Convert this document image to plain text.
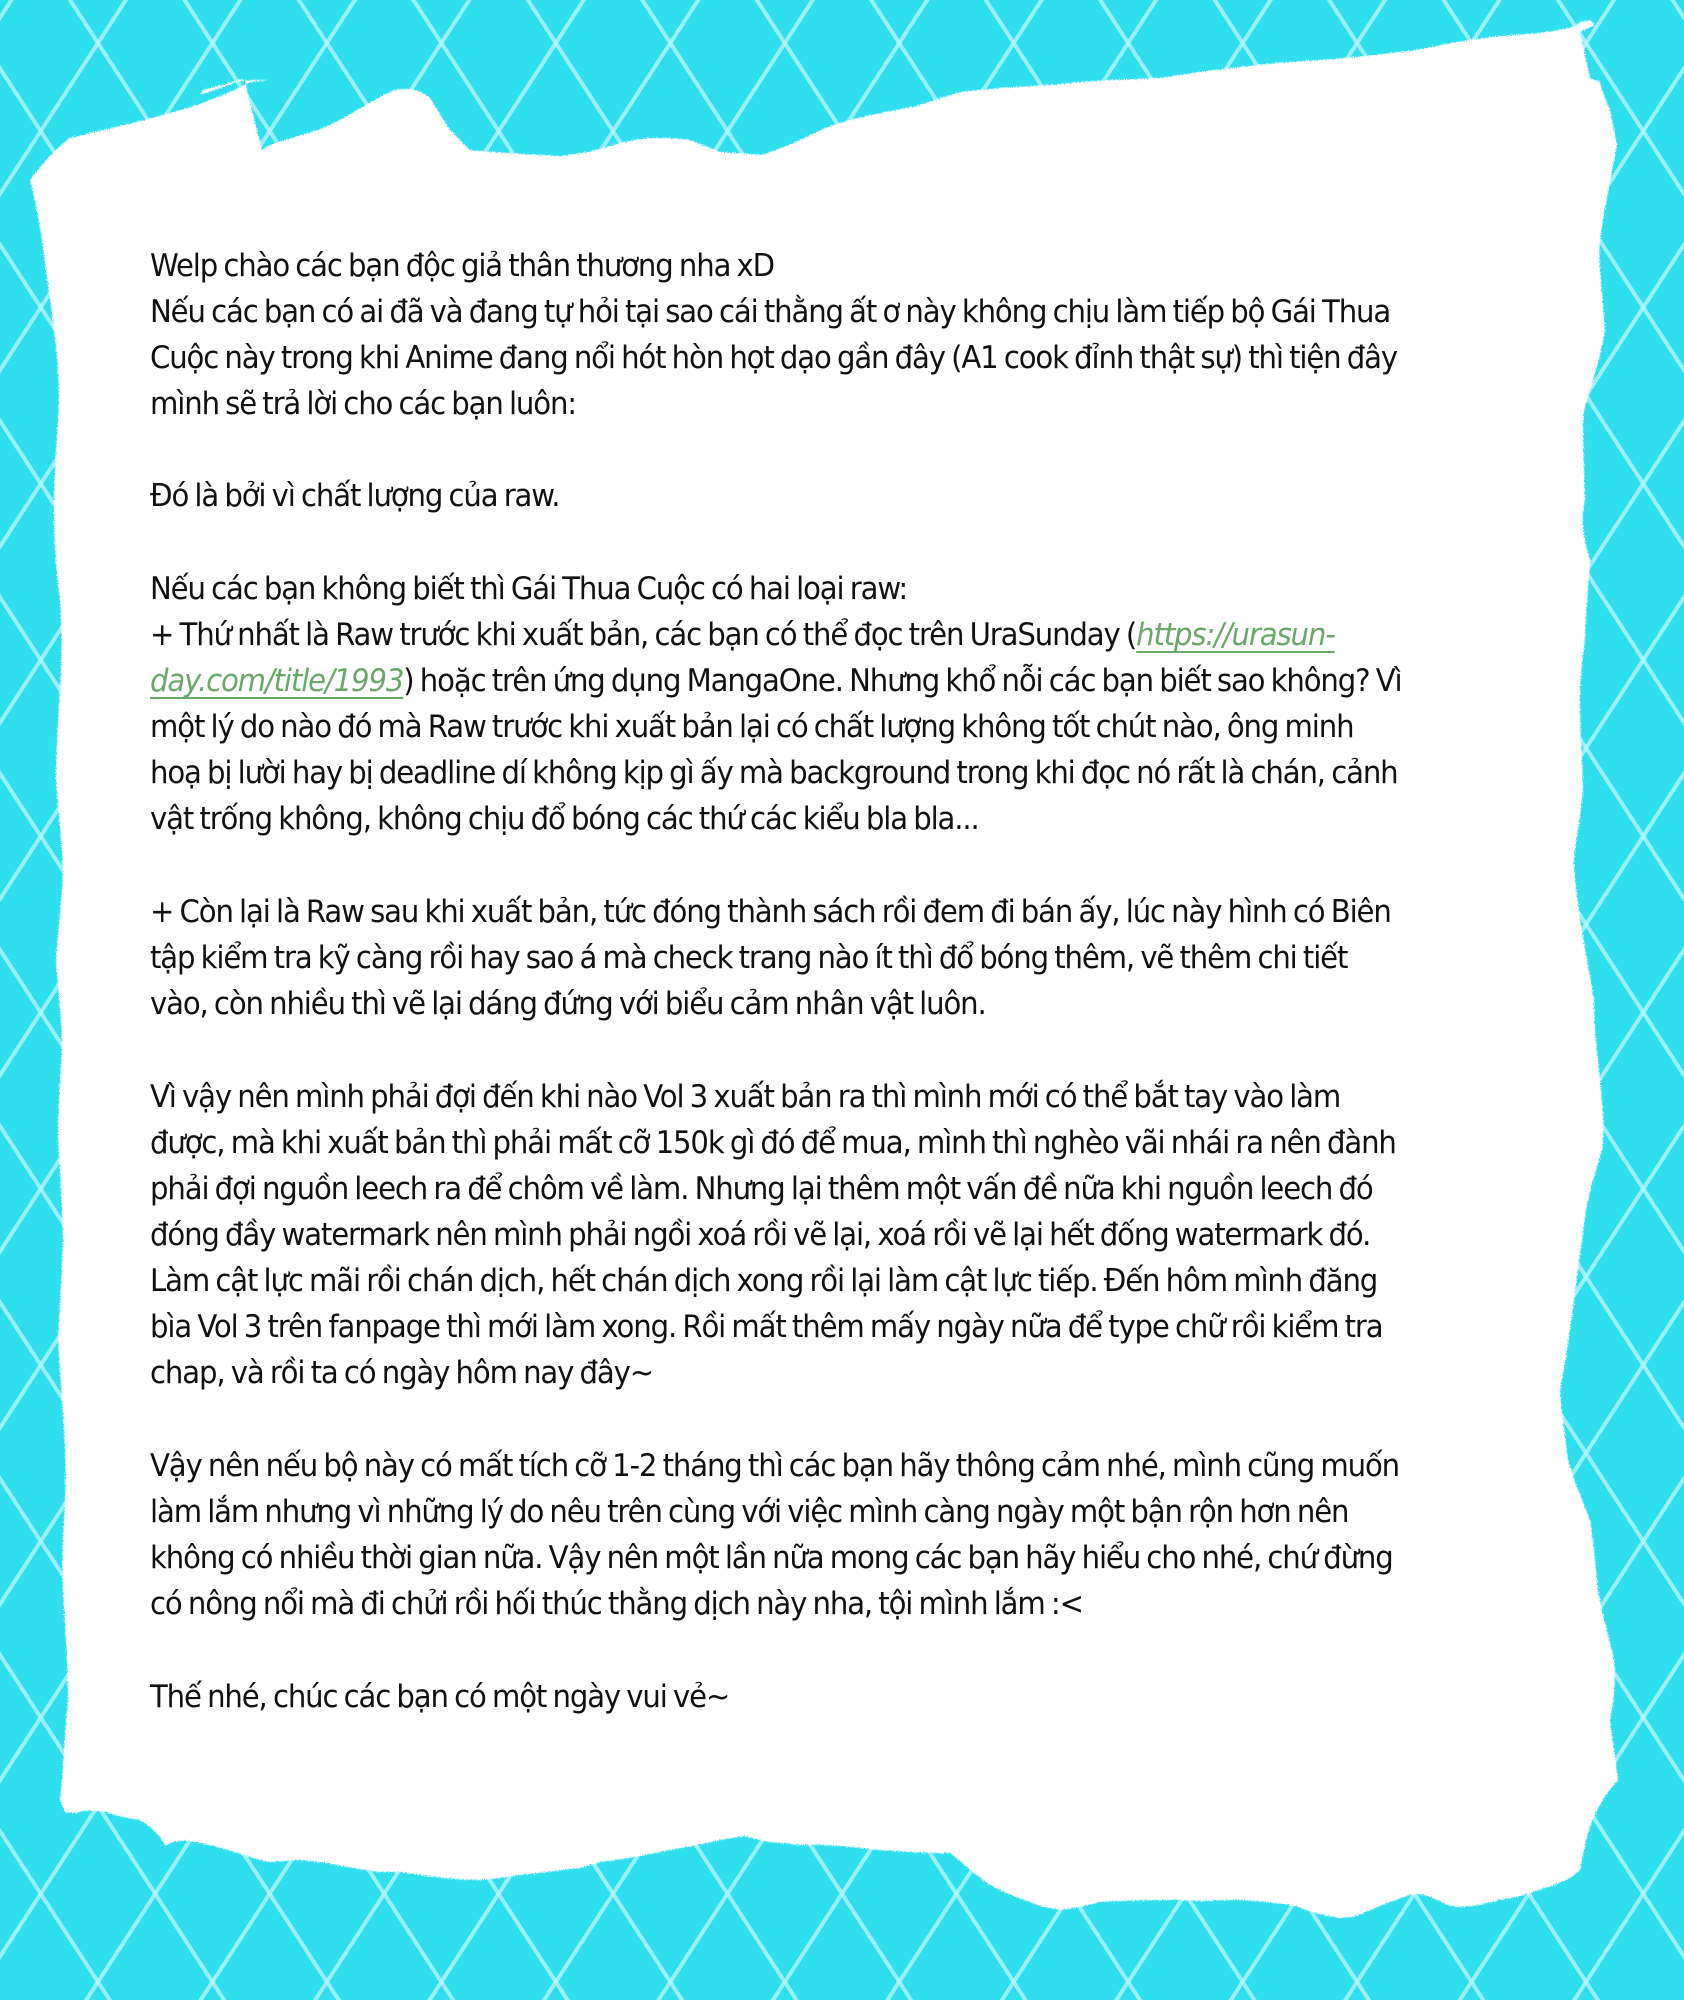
Welp chào các bạn độc giả thân thương nha xD
Nếu các bạn có ai đã và đang tự hỏi tại sao cái thằng ất ơ này không chịu làm tiếp bộ Gái Thua
Cuộc này trong khi Anime đang nổi hót hòn họt dạo gần đây (A1 cook đỉnh thật sự) thì tiện đây
mình sẽ trả lời cho các bạn luôn:
Đó là bởi vì chất lượng của raw.
Nếu các bạn không biết thì Gái Thua Cuộc có hai loại raw:
+ Thứ nhất là Raw trước khi xuất bản, các bạn có thể đọc trên UraSunday (https://urasun-
day.com/title/1993) hoặc trên ứng dụng MangaOne. Nhưng khổ nỗi các bạn biết sao không? Vì
một lý do nào đó mà Raw trước khi xuất bản lại có chất lượng không tốt chút nào, ông minh
hoạ bị lười hay bị deadline dí không kịp gì ấy mà background trong khi đọc nó rất là chán, cảnh
vật trống không, không chịu đổ bóng các thứ các kiểu bla bla...
+ Còn lại là Raw sau khi xuất bản, tức đóng thành sách rồi đem đi bán ấy, lúc này hình có Biên
tập kiểm tra kỹ càng rồi hay sao á mà check trang nào ít thì đổ bóng thêm, vẽ thêm chi tiết
vào, còn nhiều thì vẽ lại dáng đứng với biểu cảm nhân vật luôn.
Vì vậy nên mình phải đợi đến khi nào Vol 3 xuất bản ra thì mình mới có thể bắt tay vào làm
được, mà khi xuất bản thì phải mất cỡ 150k gì đó để mua, mình thì nghèo vãi nhái ra nên đành
phải đợi nguồn leech ra để chôm về làm. Nhưng lại thêm một vấn đề nữa khi nguồn leech đó
đóng đầy watermark nên mình phải ngồi xoá rồi vẽ lại, xoá rồi vẽ lại hết đống watermark đó.
Làm cật lực mãi rồi chán dịch, hết chán dịch xong rồi lại làm cật lực tiếp. Đến hôm mình đăng
bìa Vol 3 trên fanpage thì mới làm xong. Rồi mất thêm mấy ngày nữa để type chữ rồi kiểm tra
chap, và rồi ta có ngày hôm nay đây~
Vậy nên nếu bộ này có mất tích cỡ 1-2 tháng thì các bạn hãy thông cảm nhé, mình cũng muốn
làm lắm nhưng vì những lý do nêu trên cùng với việc mình càng ngày một bận rộn hơn nên
không có nhiều thời gian nữa. Vậy nên một lần nữa mong các bạn hãy hiểu cho nhé, chứ đừng
có nông nổi mà đi chửi rồi hối thúc thằng dịch này nha, tội mình lắm :<
Thế nhé, chúc các bạn có một ngày vui vẻ~
